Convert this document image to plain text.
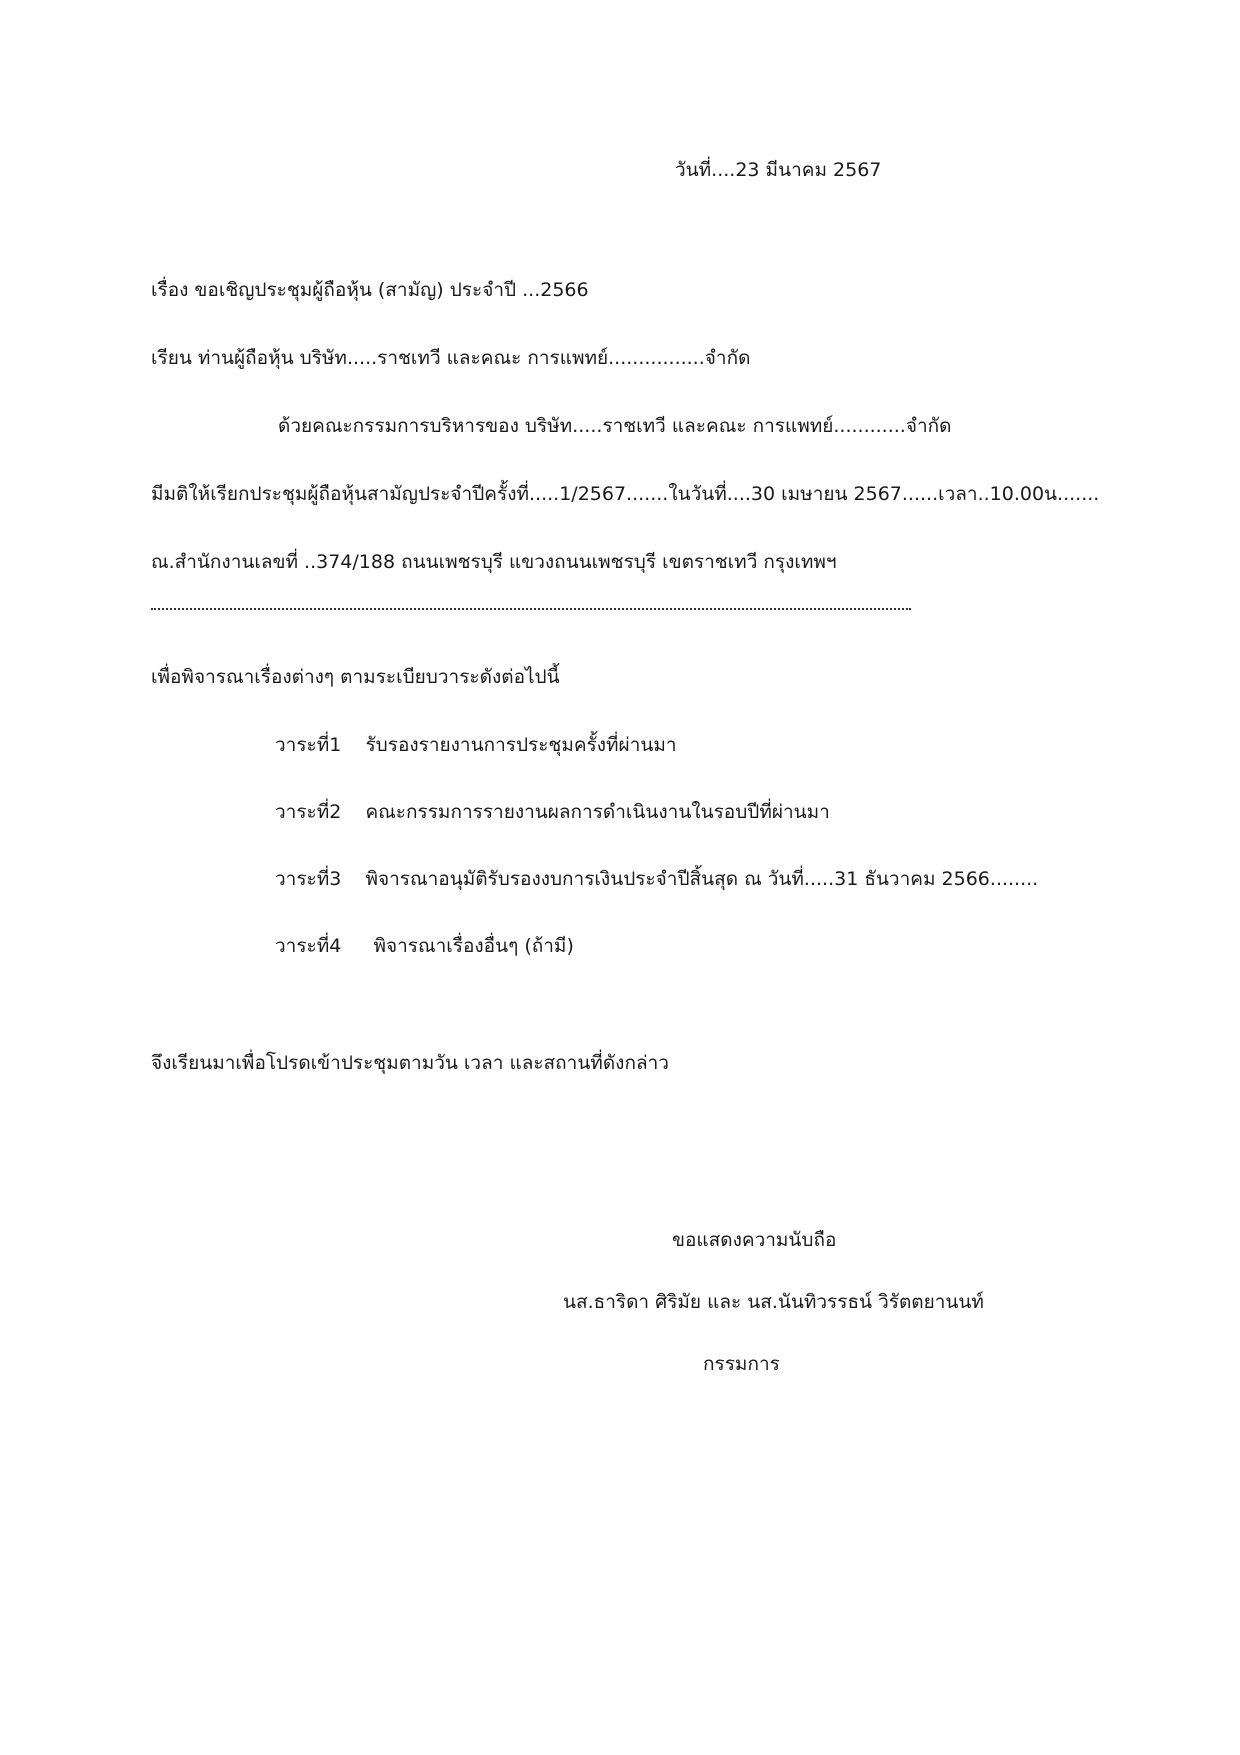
วันที่....23 มีนาคม 2567
เรื่อง ขอเชิญประชุมผู้ถือหุ้น (สามัญ) ประจำปี ...2566
เรียน ท่านผู้ถือหุ้น บริษัท.....ราชเทวี และคณะ การแพทย์................จำกัด
ด้วยคณะกรรมการบริหารของ บริษัท.....ราชเทวี และคณะ การแพทย์............จำกัด
มีมติให้เรียกประชุมผู้ถือหุ้นสามัญประจำปีครั้งที่.....1/2567.......ในวันที่....30 เมษายน 2567......เวลา..10.00น.......
ณ.สำนักงานเลขที่ ..374/188 ถนนเพชรบุรี แขวงถนนเพชรบุรี เขตราชเทวี กรุงเทพฯ
เพื่อพิจารณาเรื่องต่างๆ ตามระเบียบวาระดังต่อไปนี้
วาระที่1 รับรองรายงานการประชุมครั้งที่ผ่านมา
วาระที่2 คณะกรรมการรายงานผลการดำเนินงานในรอบปีที่ผ่านมา
วาระที่3 พิจารณาอนุมัติรับรองงบการเงินประจำปีสิ้นสุด ณ วันที่.....31 ธันวาคม 2566........
วาระที่4 พิจารณาเรื่องอื่นๆ (ถ้ามี)
จึงเรียนมาเพื่อโปรดเข้าประชุมตามวัน เวลา และสถานที่ดังกล่าว
ขอแสดงความนับถือ
นส.ธาริดา ศิริมัย และ นส.นันทิวรรธน์ วิรัตตยานนท์
กรรมการ
